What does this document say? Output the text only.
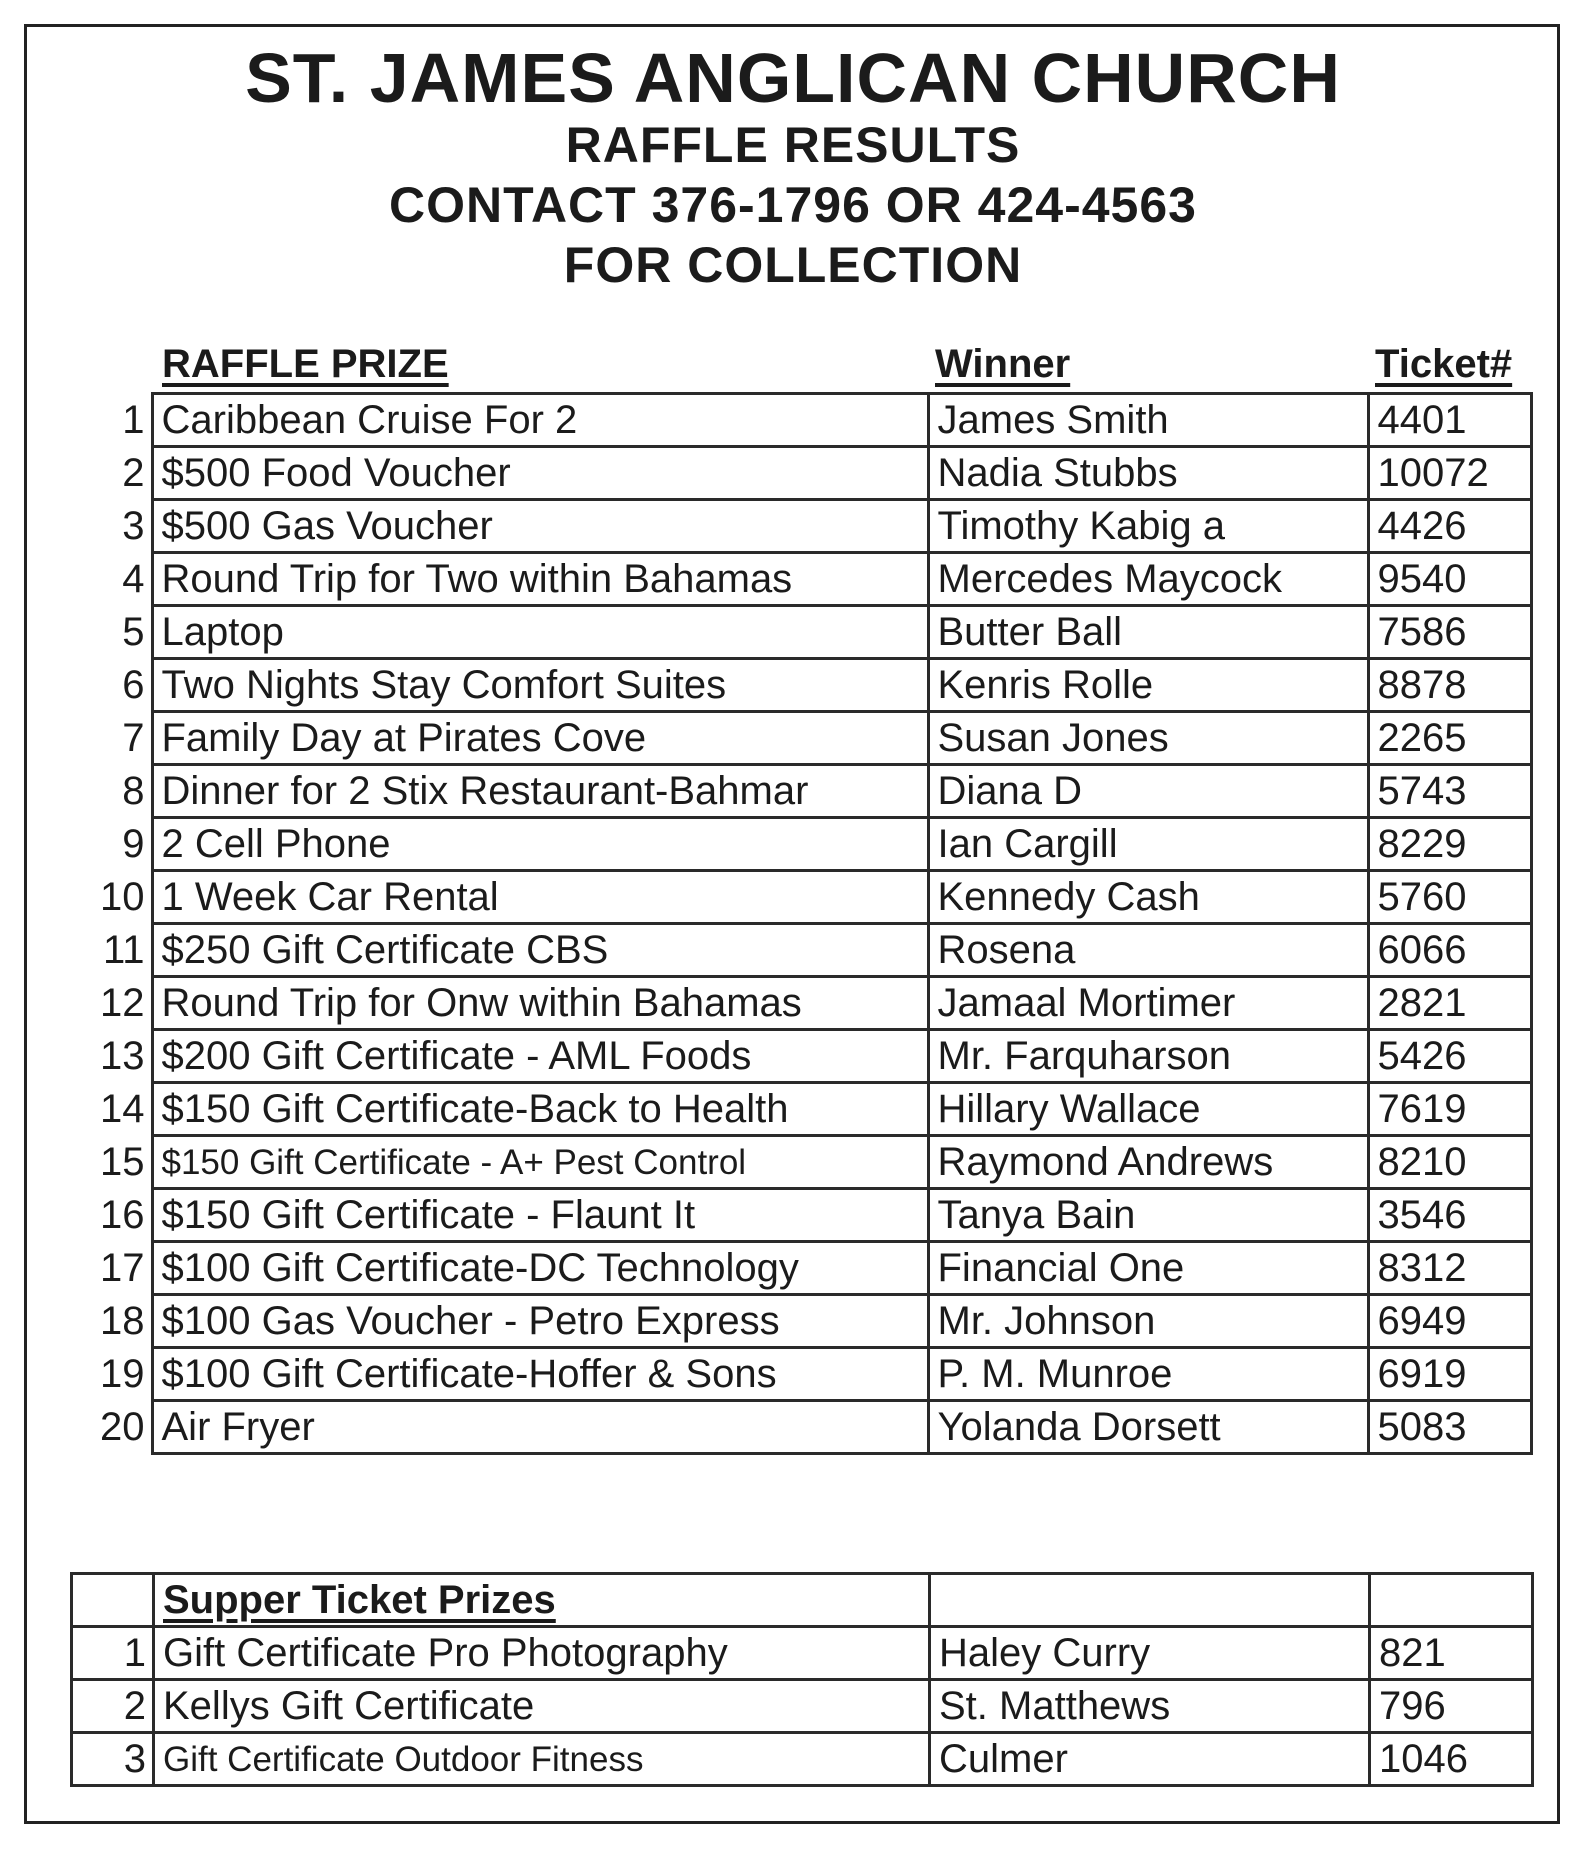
ST. JAMES ANGLICAN CHURCH
RAFFLE RESULTS
CONTACT 376-1796 OR 424-4563
FOR COLLECTION
RAFFLE PRIZE	Winner	Ticket#
1	Caribbean Cruise For 2	James Smith	4401
2	$500 Food Voucher	Nadia Stubbs	10072
3	$500 Gas Voucher	Timothy Kabig a	4426
4	Round Trip for Two within Bahamas	Mercedes Maycock	9540
5	Laptop	Butter Ball	7586
6	Two Nights Stay Comfort Suites	Kenris Rolle	8878
7	Family Day at Pirates Cove	Susan Jones	2265
8	Dinner for 2 Stix Restaurant-Bahmar	Diana D	5743
9	2 Cell Phone	Ian Cargill	8229
10	1 Week Car Rental	Kennedy Cash	5760
11	$250 Gift Certificate CBS	Rosena	6066
12	Round Trip for Onw within Bahamas	Jamaal Mortimer	2821
13	$200 Gift Certificate - AML Foods	Mr. Farquharson	5426
14	$150 Gift Certificate-Back to Health	Hillary Wallace	7619
15	$150 Gift Certificate - A+ Pest Control	Raymond Andrews	8210
16	$150 Gift Certificate - Flaunt It	Tanya Bain	3546
17	$100 Gift Certificate-DC Technology	Financial One	8312
18	$100 Gas Voucher - Petro Express	Mr. Johnson	6949
19	$100 Gift Certificate-Hoffer & Sons	P. M. Munroe	6919
20	Air Fryer	Yolanda Dorsett	5083
	Supper Ticket Prizes		
1	Gift Certificate Pro Photography	Haley Curry	821
2	Kellys Gift Certificate	St. Matthews	796
3	Gift Certificate Outdoor Fitness	Culmer	1046
